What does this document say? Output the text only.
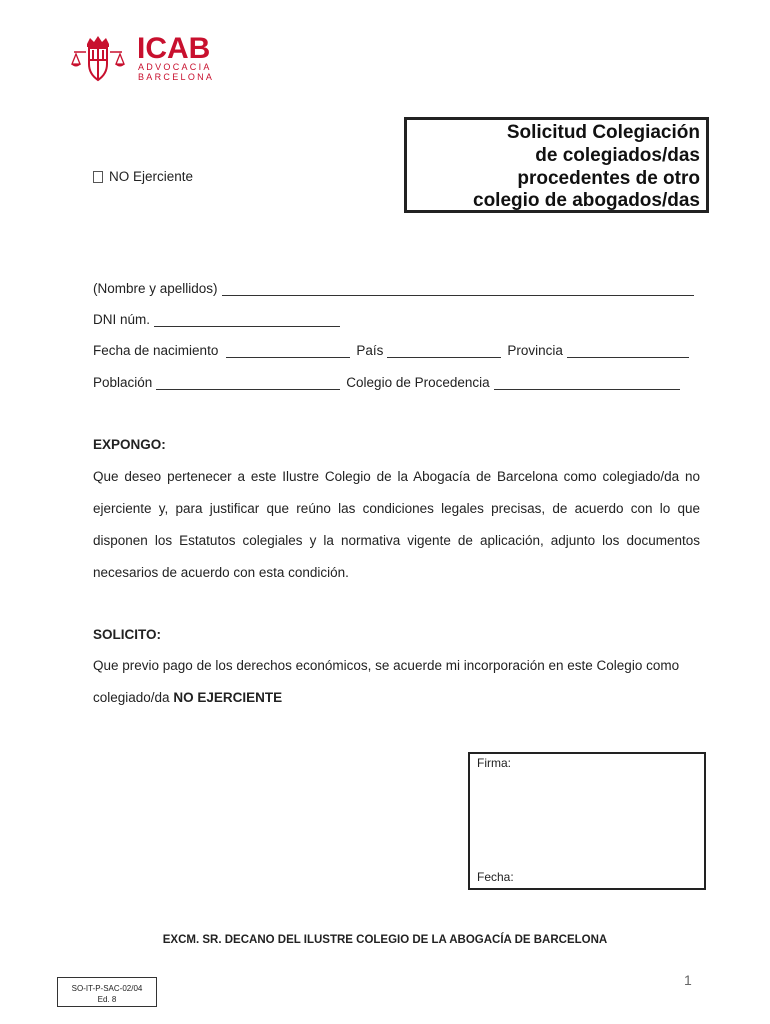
ICAB
ADVOCACIA
BARCELONA
NO Ejerciente
Solicitud Colegiación
de colegiados/das
procedentes de otro
colegio de abogados/das
(Nombre y apellidos)
DNI núm.
Fecha de nacimiento	País	Provincia
Población	Colegio de Procedencia
EXPONGO:
Que deseo pertenecer a este Ilustre Colegio de la Abogacía de Barcelona como colegiado/da no
ejerciente y, para justificar que reúno las condiciones legales precisas, de acuerdo con lo que
disponen los Estatutos colegiales y la normativa vigente de aplicación, adjunto los documentos
necesarios de acuerdo con esta condición.
SOLICITO:
Que previo pago de los derechos económicos, se acuerde mi incorporación en este Colegio como
colegiado/da NO EJERCIENTE
Firma:
Fecha:
EXCM. SR. DECANO DEL ILUSTRE COLEGIO DE LA ABOGACÍA DE BARCELONA
SO-IT-P-SAC-02/04
Ed. 8
1
